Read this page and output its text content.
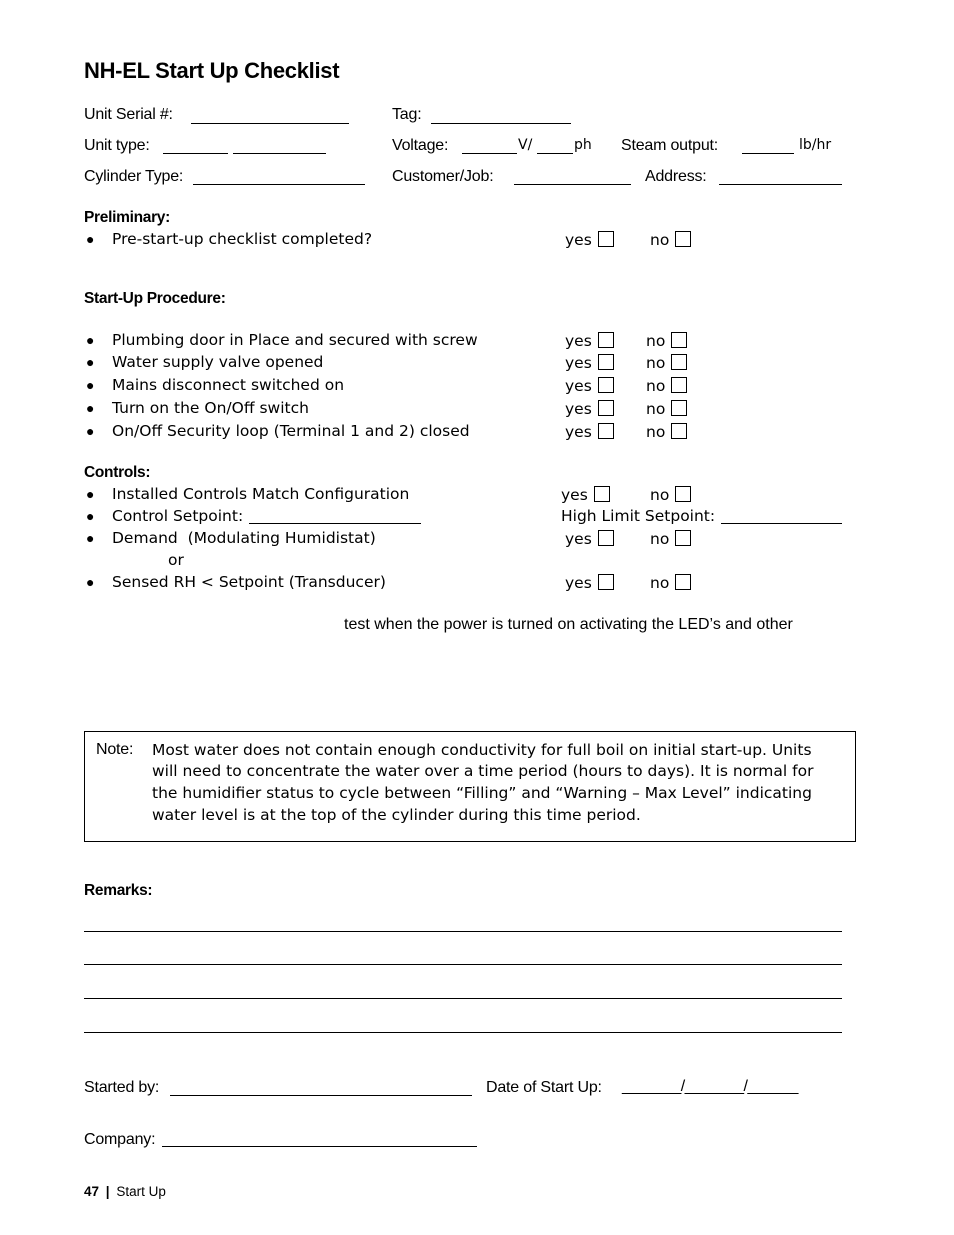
NH-EL Start Up Checklist
Unit Serial #:	Tag:
Unit type:	Voltage:	V/	ph Steam output:	lb/hr
Cylinder Type:	Customer/Job:	Address:
Preliminary:
● Pre-start-up checklist completed?	yes	no
Start-Up Procedure:
● Plumbing door in Place and secured with screw	yes	no
● Water supply valve opened	yes	no
● Mains disconnect switched on	yes	no
● Turn on the On/Off switch	yes	no
● On/Off Security loop (Terminal 1 and 2) closed	yes	no
Controls:
● Installed Controls Match Configuration	yes	no
● Control Setpoint:	High Limit Setpoint:
● Demand  (Modulating Humidistat)	yes	no
or
● Sensed RH < Setpoint (Transducer)	yes	no
test when the power is turned on activating the LED’s and other
Note: Most water does not contain enough conductivity for full boil on initial start-up. Units
will need to concentrate the water over a time period (hours to days). It is normal for
the humidifier status to cycle between “Filling” and “Warning – Max Level” indicating
water level is at the top of the cylinder during this time period.
Remarks:
Started by:	Date of Start Up: _______/_______/______
Company:
47 | Start Up
